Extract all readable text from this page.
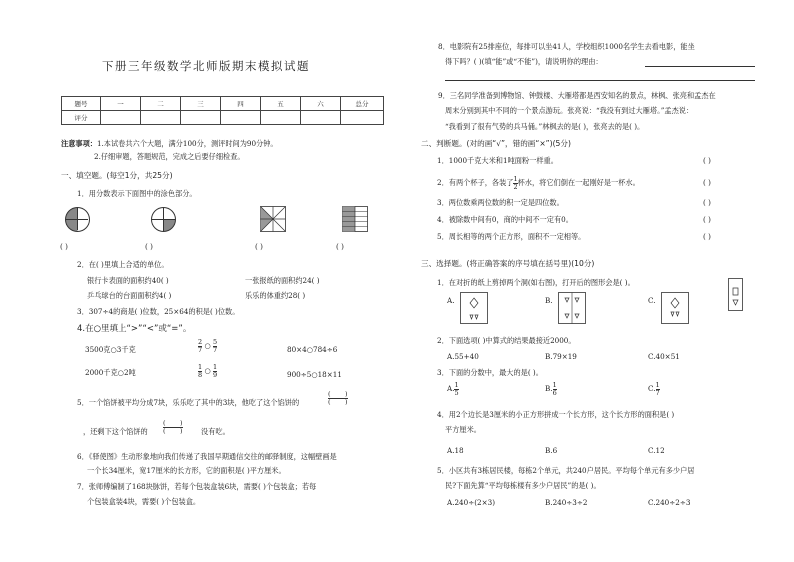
下册三年级数学北师版期末模拟试题
题号	一	二	三	四	五	六	总分
评分							
注意事项：1.本试卷共六个大题，满分100分，测评时间为90分钟。
2.仔细审题，答题规范，完成之后要仔细检查。
一、填空题。(每空1分，共25分)
1．用分数表示下面图中的涂色部分。
( )	( )	( )	( )
2．在( )里填上合适的单位。
银行卡表面的面积约40( )	一张报纸的面积约24( )
乒乓球台的台面面积约4( )	乐乐的体重约28( )
3．307÷4的商是( )位数，25×64的积是( )位数。
4.在○里填上“>”“<”或“=”。
3500克○3千克	$\frac{2}{7}$ ○ $\frac{5}{7}$	80×4○784÷6
2000千克○2吨	$\frac{1}{8}$ ○ $\frac{1}{9}$	900÷5○18×11
5．一个馅饼被平均分成7块，乐乐吃了其中的3块，他吃了这个馅饼的	$\frac{( )}{( )}$
，还剩下这个馅饼的 $\frac{( )}{( )}$	没有吃。
6．《驿使图》生动形象地向我们传递了我国早期通信交往的邮驿制度，这幅壁画是
一个长34厘米，宽17厘米的长方形，它的面积是( )平方厘米。
7．张师傅编制了168块脉饼，若每个包装盒装6块，需要( )个包装盒；若每
个包装盒装4块，需要( )个包装盒。
8．电影院有25排座位，每排可以坐41人，学校组织1000名学生去看电影，能坐
得下吗？( )(填“能”或“不能”)，请说明你的理由：
9．三名同学准备到博物馆、钟鼓楼、大雁塔都是西安知名的景点，林枫、张亮和孟杰在
周末分别到其中不同的一个景点游玩。张亮说：“我没有到过大雁塔。”孟杰说：
“我看到了很有气势的兵马俑。”林枫去的是( )，张亮去的是( )。
二、判断题。(对的画“√”，错的画“×”)(5分)
1．1000千克大米和1吨面粉一样重。
2．有两个杯子，各装了 $\frac{1}{2}$ 杯水，将它们倒在一起刚好是一杯水。
3．两位数乘两位数的积一定是四位数。
4．被除数中间有0，商的中间不一定有0。
5．周长相等的两个正方形，面积不一定相等。
( )
( )
( )
( )
( )
三、选择题。(将正确答案的序号填在括号里)(10分)
1．在对折的纸上剪掉两个洞(如右图)，打开后的图形会是( )。
A.	B.	C.
2．下面选项( )中算式的结果最接近2000。
A.55+40	B.79×19	C.40×51
3．下面的分数中，最大的是( )。
A. $\frac{1}{5}$	B. $\frac{1}{6}$	C. $\frac{1}{7}$
4．用2个边长是3厘米的小正方形拼成一个长方形，这个长方形的面积是( )
平方厘米。
A.18	B.6	C.12
5．小区共有3栋居民楼，每栋2个单元，共240户居民。平均每个单元有多少户居
民?下面先算“平均每栋楼有多少户居民”的是( )。
A.240÷(2×3)	B.240÷3÷2	C.240÷2÷3
